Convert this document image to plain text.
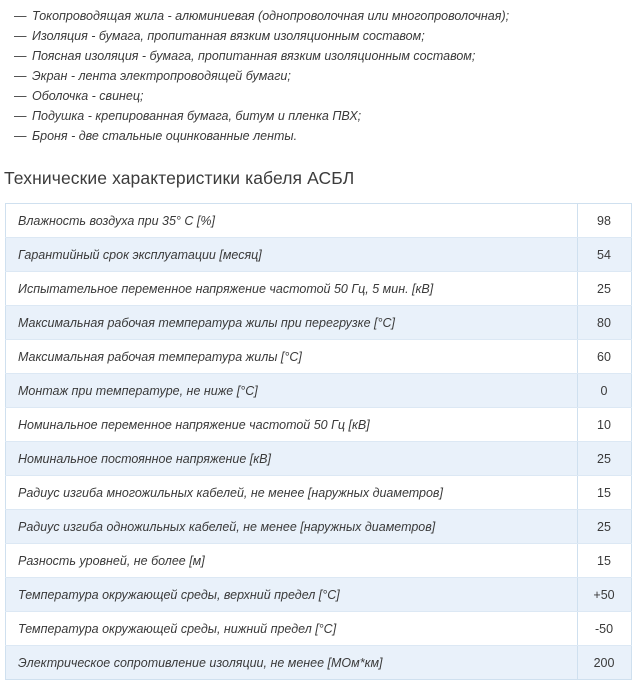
— Токопроводящая жила - алюминиевая (однопроволочная или многопроволочная);
— Изоляция - бумага, пропитанная вязким изоляционным составом;
— Поясная изоляция - бумага, пропитанная вязким изоляционным составом;
— Экран - лента электропроводящей бумаги;
— Оболочка - свинец;
— Подушка - крепированная бумага, битум и пленка ПВХ;
— Броня - две стальные оцинкованные ленты.
Технические характеристики кабеля АСБЛ
Влажность воздуха при 35° С [%]	98
Гарантийный срок эксплуатации [месяц]	54
Испытательное переменное напряжение частотой 50 Гц, 5 мин. [кВ]	25
Максимальная рабочая температура жилы при перегрузке [°С]	80
Максимальная рабочая температура жилы [°С]	60
Монтаж при температуре, не ниже [°С]	0
Номинальное переменное напряжение частотой 50 Гц [кВ]	10
Номинальное постоянное напряжение [кВ]	25
Радиус изгиба многожильных кабелей, не менее [наружных диаметров]	15
Радиус изгиба одножильных кабелей, не менее [наружных диаметров]	25
Разность уровней, не более [м]	15
Температура окружающей среды, верхний предел [°С]	+50
Температура окружающей среды, нижний предел [°С]	-50
Электрическое сопротивление изоляции, не менее [МОм*км]	200
